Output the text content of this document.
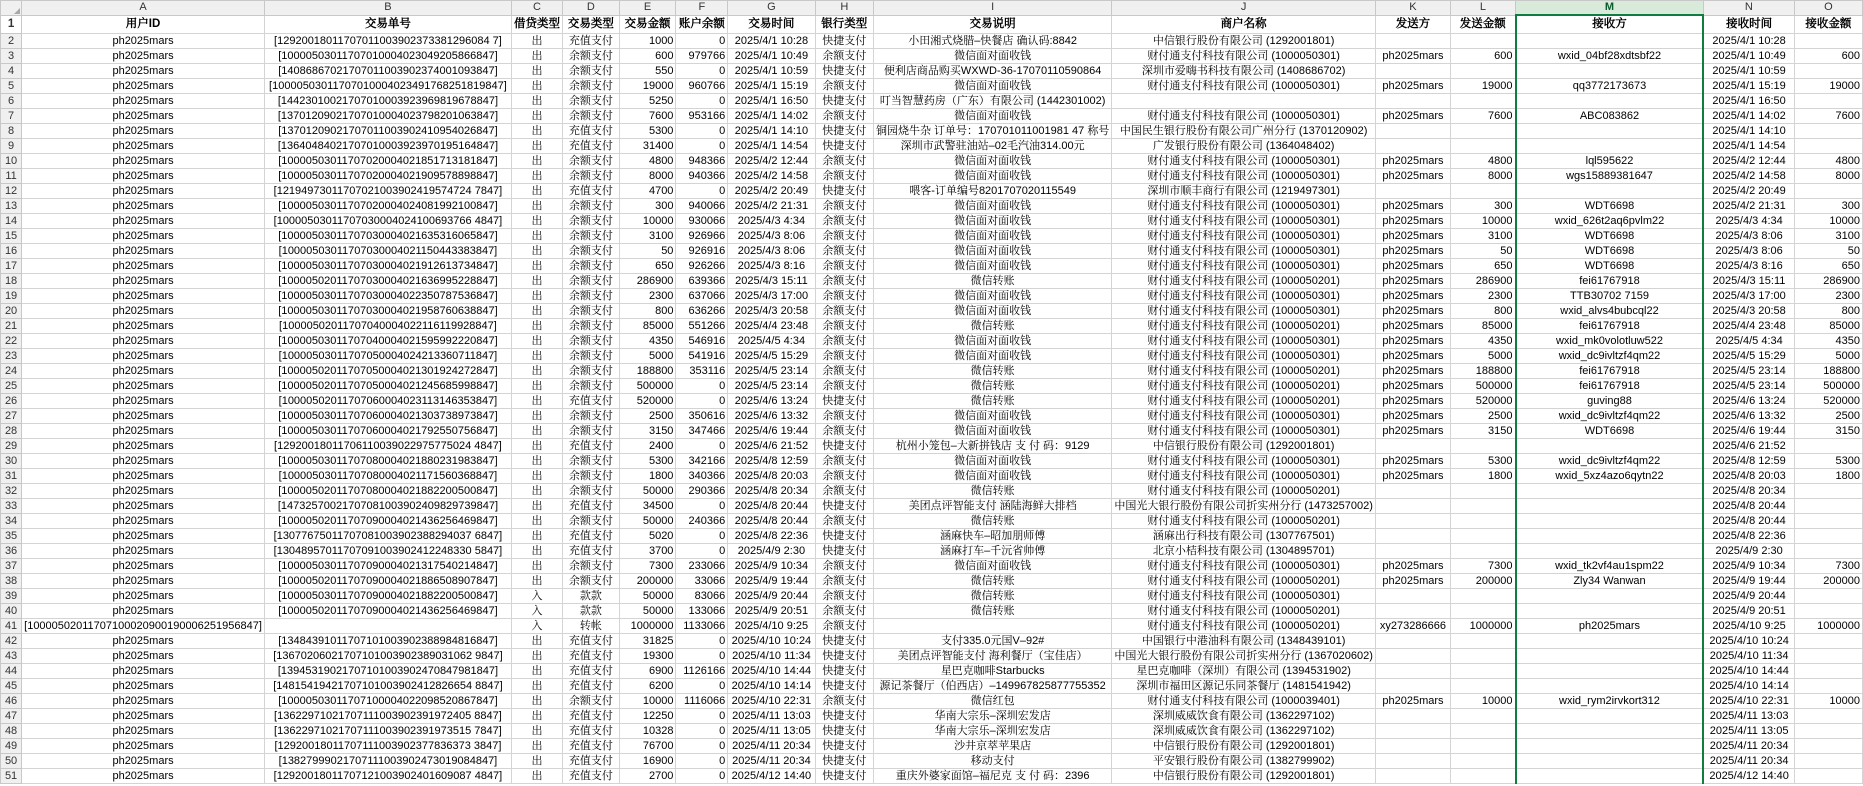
	A	B	C	D	E	F	G	H	I	J	K	L	M	N	O
1	用户ID	交易单号	借贷类型	交易类型	交易金额	账户余额	交易时间	银行类型	交易说明	商户名称	发送方	发送金额	接收方	接收时间	接收金额
2	ph2025mars	[12920018011707011003902373381296084 7]	出	充值支付	1000	0	2025/4/1 10:28	快捷支付	小田湘式烧腊–快餐店 确认码:8842	中信银行股份有限公司 (1292001801)				2025/4/1 10:28	
3	ph2025mars	[10000503011707010004023049205866847]	出	余额支付	600	979766	2025/4/1 10:49	余额支付	微信面对面收钱	财付通支付科技有限公司 (1000050301)	ph2025mars	600	wxid_04bf28xdtsbf22	2025/4/1 10:49	600
4	ph2025mars	[14086867021707011003902374001093847]	出	余额支付	550	0	2025/4/1 10:59	快捷支付	便利店商品购买WXWD-36-17070110590864	深圳市爱嗨书科技有限公司 (1408686702)				2025/4/1 10:59	
5	ph2025mars	[10000503011707010004023491768251819847]	出	余额支付	19000	960766	2025/4/1 15:19	余额支付	微信面对面收钱	财付通支付科技有限公司 (1000050301)	ph2025mars	19000	qq3772173673	2025/4/1 15:19	19000
6	ph2025mars	[14423010021707010003923969819678847]	出	余额支付	5250	0	2025/4/1 16:50	快捷支付	叮当智慧药房（广东）有限公司 (1442301002)					2025/4/1 16:50	
7	ph2025mars	[13701209021707010004023798201063847]	出	余额支付	7600	953166	2025/4/1 14:02	余额支付	微信面对面收钱	财付通支付科技有限公司 (1000050301)	ph2025mars	7600	ABC083862	2025/4/1 14:02	7600
8	ph2025mars	[13701209021707011003902410954026847]	出	充值支付	5300	0	2025/4/1 14:10	快捷支付	铜园烧牛杂 订单号：170701011001981 47 称号	中国民生银行股份有限公司广州分行 (1370120902)				2025/4/1 14:10	
9	ph2025mars	[13640484021707010003923970195164847]	出	充值支付	31400	0	2025/4/1 14:54	快捷支付	深圳市武警驻油站–02毛汽油314.00元	广发银行股份有限公司 (1364048402)				2025/4/1 14:54	
10	ph2025mars	[10000503011707020004021851713181847]	出	余额支付	4800	948366	2025/4/2 12:44	余额支付	微信面对面收钱	财付通支付科技有限公司 (1000050301)	ph2025mars	4800	lql595622	2025/4/2 12:44	4800
11	ph2025mars	[10000503011707020004021909578898847]	出	余额支付	8000	940366	2025/4/2 14:58	余额支付	微信面对面收钱	财付通支付科技有限公司 (1000050301)	ph2025mars	8000	wgs15889381647	2025/4/2 14:58	8000
12	ph2025mars	[12194973011707021003902419574724 7847]	出	充值支付	4700	0	2025/4/2 20:49	快捷支付	喂客-订单编号8201707020115549	深圳市顺丰商行有限公司 (1219497301)				2025/4/2 20:49	
13	ph2025mars	[10000503011707020004024081992100847]	出	余额支付	300	940066	2025/4/2 21:31	余额支付	微信面对面收钱	财付通支付科技有限公司 (1000050301)	ph2025mars	300	WDT6698	2025/4/2 21:31	300
14	ph2025mars	[10000503011707030004024100693766 4847]	出	余额支付	10000	930066	2025/4/3 4:34	余额支付	微信面对面收钱	财付通支付科技有限公司 (1000050301)	ph2025mars	10000	wxid_626t2aq6pvlm22	2025/4/3 4:34	10000
15	ph2025mars	[10000503011707030004021635316065847]	出	余额支付	3100	926966	2025/4/3 8:06	余额支付	微信面对面收钱	财付通支付科技有限公司 (1000050301)	ph2025mars	3100	WDT6698	2025/4/3 8:06	3100
16	ph2025mars	[10000503011707030004021150443383847]	出	余额支付	50	926916	2025/4/3 8:06	余额支付	微信面对面收钱	财付通支付科技有限公司 (1000050301)	ph2025mars	50	WDT6698	2025/4/3 8:06	50
17	ph2025mars	[10000503011707030004021912613734847]	出	余额支付	650	926266	2025/4/3 8:16	余额支付	微信面对面收钱	财付通支付科技有限公司 (1000050301)	ph2025mars	650	WDT6698	2025/4/3 8:16	650
18	ph2025mars	[10000502011707030004021636995228847]	出	余额支付	286900	639366	2025/4/3 15:11	余额支付	微信转账	财付通支付科技有限公司 (1000050201)	ph2025mars	286900	fei61767918	2025/4/3 15:11	286900
19	ph2025mars	[10000503011707030004022350787536847]	出	余额支付	2300	637066	2025/4/3 17:00	余额支付	微信面对面收钱	财付通支付科技有限公司 (1000050301)	ph2025mars	2300	TTB30702 7159	2025/4/3 17:00	2300
20	ph2025mars	[10000503011707030004021958760638847]	出	余额支付	800	636266	2025/4/3 20:58	余额支付	微信面对面收钱	财付通支付科技有限公司 (1000050301)	ph2025mars	800	wxid_alvs4bubcql22	2025/4/3 20:58	800
21	ph2025mars	[10000502011707040004022116119928847]	出	余额支付	85000	551266	2025/4/4 23:48	余额支付	微信转账	财付通支付科技有限公司 (1000050201)	ph2025mars	85000	fei61767918	2025/4/4 23:48	85000
22	ph2025mars	[10000503011707040004021595992220847]	出	余额支付	4350	546916	2025/4/5 4:34	余额支付	微信面对面收钱	财付通支付科技有限公司 (1000050301)	ph2025mars	4350	wxid_mk0volotluw522	2025/4/5 4:34	4350
23	ph2025mars	[10000503011707050004024213360711847]	出	余额支付	5000	541916	2025/4/5 15:29	余额支付	微信面对面收钱	财付通支付科技有限公司 (1000050301)	ph2025mars	5000	wxid_dc9ivltzf4qm22	2025/4/5 15:29	5000
24	ph2025mars	[10000502011707050004021301924272847]	出	余额支付	188800	353116	2025/4/5 23:14	余额支付	微信转账	财付通支付科技有限公司 (1000050201)	ph2025mars	188800	fei61767918	2025/4/5 23:14	188800
25	ph2025mars	[10000502011707050004021245685998847]	出	余额支付	500000	0	2025/4/5 23:14	余额支付	微信转账	财付通支付科技有限公司 (1000050201)	ph2025mars	500000	fei61767918	2025/4/5 23:14	500000
26	ph2025mars	[10000502011707060004023113146353847]	出	充值支付	520000	0	2025/4/6 13:24	快捷支付	微信转账	财付通支付科技有限公司 (1000050201)	ph2025mars	520000	guving88	2025/4/6 13:24	520000
27	ph2025mars	[10000503011707060004021303738973847]	出	余额支付	2500	350616	2025/4/6 13:32	余额支付	微信面对面收钱	财付通支付科技有限公司 (1000050301)	ph2025mars	2500	wxid_dc9ivltzf4qm22	2025/4/6 13:32	2500
28	ph2025mars	[10000503011707060004021792550756847]	出	余额支付	3150	347466	2025/4/6 19:44	余额支付	微信面对面收钱	财付通支付科技有限公司 (1000050301)	ph2025mars	3150	WDT6698	2025/4/6 19:44	3150
29	ph2025mars	[12920018011706110039022975775024 4847]	出	充值支付	2400	0	2025/4/6 21:52	快捷支付	杭州小笼包–大新拼钱店 支 付 码：9129	中信银行股份有限公司 (1292001801)				2025/4/6 21:52	
30	ph2025mars	[10000503011707080004021880231983847]	出	余额支付	5300	342166	2025/4/8 12:59	余额支付	微信面对面收钱	财付通支付科技有限公司 (1000050301)	ph2025mars	5300	wxid_dc9ivltzf4qm22	2025/4/8 12:59	5300
31	ph2025mars	[10000503011707080004021171560368847]	出	余额支付	1800	340366	2025/4/8 20:03	余额支付	微信面对面收钱	财付通支付科技有限公司 (1000050301)	ph2025mars	1800	wxid_5xz4azo6qytn22	2025/4/8 20:03	1800
32	ph2025mars	[10000502011707080004021882200500847]	出	余额支付	50000	290366	2025/4/8 20:34	余额支付	微信转账	财付通支付科技有限公司 (1000050201)				2025/4/8 20:34	
33	ph2025mars	[14732570021707081003902409829739847]	出	充值支付	34500	0	2025/4/8 20:44	快捷支付	美团点评智能支付 涵陆海鲜大排档	中国光大银行股份有限公司折实州分行 (1473257002)				2025/4/8 20:44	
34	ph2025mars	[10000502011707090004021436256469847]	出	余额支付	50000	240366	2025/4/8 20:44	余额支付	微信转账	财付通支付科技有限公司 (1000050201)				2025/4/8 20:44	
35	ph2025mars	[13077675011707081003902388294037 6847]	出	充值支付	5020	0	2025/4/8 22:36	快捷支付	涵麻快车–昭加朋师傅	涵麻出行科技有限公司 (1307767501)				2025/4/8 22:36	
36	ph2025mars	[13048957011707091003902412248330 5847]	出	充值支付	3700	0	2025/4/9 2:30	快捷支付	涵麻打车–千沅省帅傅	北京小桔科技有限公司 (1304895701)				2025/4/9 2:30	
37	ph2025mars	[10000503011707090004021317540214847]	出	余额支付	7300	233066	2025/4/9 10:34	余额支付	微信面对面收钱	财付通支付科技有限公司 (1000050301)	ph2025mars	7300	wxid_tk2vf4au1spm22	2025/4/9 10:34	7300
38	ph2025mars	[10000502011707090004021886508907847]	出	余额支付	200000	33066	2025/4/9 19:44	余额支付	微信转账	财付通支付科技有限公司 (1000050201)	ph2025mars	200000	Zly34 Wanwan	2025/4/9 19:44	200000
39	ph2025mars	[10000503011707090004021882200500847]	入	款款	50000	83066	2025/4/9 20:44	余额支付	微信转账	财付通支付科技有限公司 (1000050301)				2025/4/9 20:44	
40	ph2025mars	[10000502011707090004021436256469847]	入	款款	50000	133066	2025/4/9 20:51	余额支付	微信转账	财付通支付科技有限公司 (1000050201)				2025/4/9 20:51	
41	[10000502011707100020900190006251956847]		入	转帐	1000000	1133066	2025/4/10 9:25	余额支付		财付通支付科技有限公司 (1000050201)	xy273286666	1000000	ph2025mars	2025/4/10 9:25	1000000
42	ph2025mars	[13484391011707101003902388984816847]	出	充值支付	31825	0	2025/4/10 10:24	快捷支付	支付335.0元国V–92#	中国银行中港油科有限公司 (1348439101)				2025/4/10 10:24	
43	ph2025mars	[13670206021707101003902389031062 9847]	出	充值支付	19300	0	2025/4/10 11:34	快捷支付	美团点评智能支付 海利餐厅（宝佳店）	中国光大银行股份有限公司折实州分行 (1367020602)				2025/4/10 11:34	
44	ph2025mars	[13945319021707101003902470847981847]	出	充值支付	6900	1126166	2025/4/10 14:44	快捷支付	星巴克咖啡Starbucks	星巴克咖啡（深圳）有限公司 (1394531902)				2025/4/10 14:44	
45	ph2025mars	[14815419421707101003902412826654 8847]	出	充值支付	6200	0	2025/4/10 14:14	快捷支付	源记茶餐厅（伯西店）–149967825877755352	深圳市福田区源记乐同茶餐厅 (1481541942)				2025/4/10 14:14	
46	ph2025mars	[10000503011707100004022098520867847]	出	余额支付	10000	1116066	2025/4/10 22:31	余额支付	微信红包	财付通支付科技有限公司 (1000039401)	ph2025mars	10000	wxid_rym2irvkort312	2025/4/10 22:31	10000
47	ph2025mars	[13622971021707111003902391972405 8847]	出	充值支付	12250	0	2025/4/11 13:03	快捷支付	华南大宗乐–深圳宏发店	深圳威威饮食有限公司 (1362297102)				2025/4/11 13:03	
48	ph2025mars	[13622971021707111003902391973515 7847]	出	充值支付	10328	0	2025/4/11 13:05	快捷支付	华南大宗乐–深圳宏发店	深圳威威饮食有限公司 (1362297102)				2025/4/11 13:05	
49	ph2025mars	[12920018011707111003902377836373 3847]	出	充值支付	76700	0	2025/4/11 20:34	快捷支付	沙井京萃苹果店	中信银行股份有限公司 (1292001801)				2025/4/11 20:34	
50	ph2025mars	[13827999021707111003902473019084847]	出	充值支付	16900	0	2025/4/11 20:34	快捷支付	移动支付	平安银行股份有限公司 (1382799902)				2025/4/11 20:34	
51	ph2025mars	[12920018011707121003902401609087 4847]	出	充值支付	2700	0	2025/4/12 14:40	快捷支付	重庆外婆家面馆–福尼克 支 付 码：2396	中信银行股份有限公司 (1292001801)				2025/4/12 14:40	
